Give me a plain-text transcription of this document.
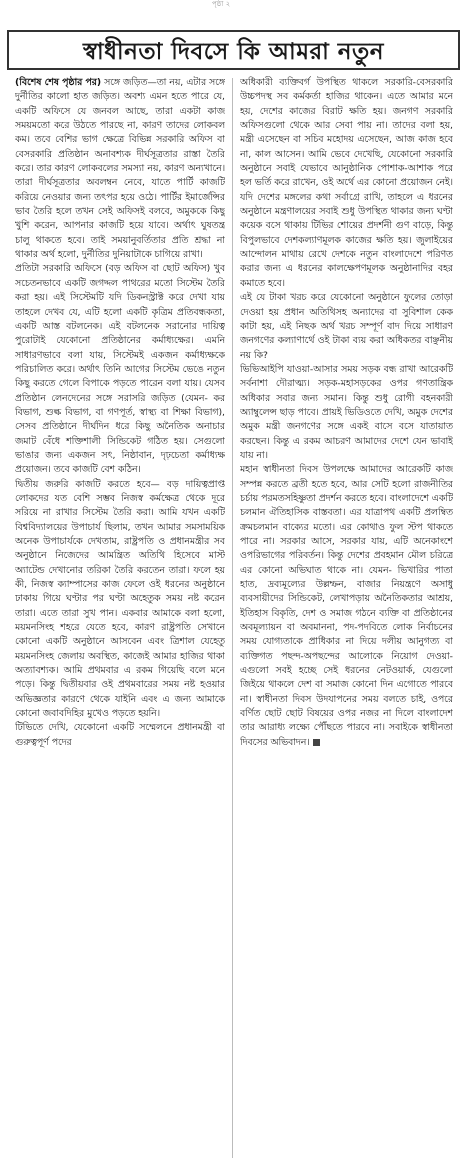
পৃষ্ঠা ২
স্বাধীনতা দিবসে কি আমরা নতুন

(বিশেষ শেষ পৃষ্ঠার পর) সঙ্গে জড়িত—তা নয়, এটার সঙ্গে দুর্নীতির কালো হাত জড়িত। অবশ্য এমন হতে পারে যে, একটি অফিসে যে জনবল আছে, তারা একটা কাজ সময়মতো করে উঠতে পারছে না, কারণ তাদের লোকবল কম। তবে বেশির ভাগ ক্ষেত্রে বিভিন্ন সরকারি অফিস বা বেসরকারি প্রতিষ্ঠান অনাবশ্যক দীর্ঘসূত্রতার রাস্তা তৈরি করে। তার কারণ লোকবলের সমস্যা নয়, কারণ অন্যখানে। তারা দীর্ঘসূত্রতার অবলম্বন নেবে, যাতে পার্টি কাজটি করিয়ে নেওয়ার জন্য তৎপর হয়ে ওঠে। পার্টির ইমার্জেন্সির ভাব তৈরি হলে তখন সেই অফিসই বলবে, অমুককে কিছু খুশি করেন, আপনার কাজটি হয়ে যাবে। অর্থাৎ ঘুষতন্ত্র চালু থাকতে হবে। তাই সময়ানুবর্তিতার প্রতি শ্রদ্ধা না থাকার অর্থ হলো, দুর্নীতির দুনিয়াটাকে চাগিয়ে রাখা।

প্রতিটা সরকারি অফিসে (বড় অফিস বা ছোট অফিস) খুব সচেতনভাবে একটি জগদ্দল পাথরের মতো সিস্টেম তৈরি করা হয়। এই সিস্টেমটি যদি ডিকনস্ট্রাক্ট করে দেখা যায় তাহলে দেখব যে, এটি হলো একটি কৃত্রিম প্রতিবন্ধকতা, একটি আস্ত বটলনেক। এই বটলনেক সরানোর দায়িত্ব পুরোটাই যেকোনো প্রতিষ্ঠানের কর্মাধ্যক্ষের। এমনি সাধারণভাবে বলা যায়, সিস্টেমই একজন কর্মাধ্যক্ষকে পরিচালিত করে। অর্থাৎ তিনি আগের সিস্টেম ভেঙে নতুন কিছু করতে গেলে বিপাকে পড়তে পারেন বলা যায়। যেসব প্রতিষ্ঠান লেনদেনের সঙ্গে সরাসরি জড়িত (যেমন- কর বিভাগ, শুল্ক বিভাগ, বা গণপূর্ত, স্বাস্থ্য বা শিক্ষা বিভাগ), সেসব প্রতিষ্ঠানে দীর্ঘদিন ধরে কিছু অনৈতিক অনাচার জমাট বেঁধে শক্তিশালী সিন্ডিকেট গঠিত হয়। সেগুলো ভাঙার জন্য একজন সৎ, নিষ্ঠাবান, দৃঢ়চেতা কর্মাধ্যক্ষ প্রয়োজন। তবে কাজটি বেশ কঠিন।

দ্বিতীয় জরুরি কাজটি করতে হবে— বড় দায়িত্বপ্রাপ্ত লোকদের যত বেশি সম্ভব নিজস্ব কর্মক্ষেত্র থেকে দূরে সরিয়ে না রাখার সিস্টেম তৈরি করা। আমি যখন একটি বিশ্ববিদ্যালয়ের উপাচার্য ছিলাম, তখন আমার সমসাময়িক অনেক উপাচার্যকে দেখতাম, রাষ্ট্রপতি ও প্রধানমন্ত্রীর সব অনুষ্ঠানে নিজেদের আমন্ত্রিত অতিথি হিসেবে মাস্ট অ্যাটেন্ড দেখানোর তরিকা তৈরি করতেন তারা। ফলে হয় কী, নিজস্ব ক্যাম্পাসের কাজ ফেলে ওই ধরনের অনুষ্ঠানে ঢাকায় গিয়ে ঘণ্টার পর ঘণ্টা অহেতুক সময় নষ্ট করেন তারা। এতে তারা সুখ পান। একবার আমাকে বলা হলো, ময়মনসিংহ শহরে যেতে হবে, কারণ রাষ্ট্রপতি সেখানে কোনো একটি অনুষ্ঠানে আসবেন এবং ত্রিশাল যেহেতু ময়মনসিংহ জেলায় অবস্থিত, কাজেই আমার হাজির থাকা অত্যাবশ্যক। আমি প্রথমবার এ রকম গিয়েছি বলে মনে পড়ে। কিন্তু দ্বিতীয়বার ওই প্রথমবারের সময় নষ্ট হওয়ার অভিজ্ঞতার কারণে থেকে যাইনি এবং এ জন্য আমাকে কোনো জবাবদিহির মুখেও পড়তে হয়নি।

টিভিতে দেখি, যেকোনো একটি সম্মেলনে প্রধানমন্ত্রী বা গুরুত্বপূর্ণ পদের

অধিকারী ব্যক্তিবর্গ উপস্থিত থাকলে সরকারি-বেসরকারি উচ্চপদস্থ সব কর্মকর্তা হাজির থাকেন। এতে আমার মনে হয়, দেশের কাজের বিরাট ক্ষতি হয়। জনগণ সরকারি অফিসগুলো থেকে আর সেবা পায় না। তাদের বলা হয়, মন্ত্রী এসেছেন বা সচিব মহোদয় এসেছেন, আজ কাজ হবে না, কাল আসেন। আমি ভেবে দেখেছি, যেকোনো সরকারি অনুষ্ঠানে সবাই যেভাবে আনুষ্ঠানিক পোশাক-আশাক পরে হল ভর্তি করে রাখেন, ওই অর্থে এর কোনো প্রয়োজন নেই। যদি দেশের মঙ্গলের কথা সর্বাগ্রে রাখি, তাহলে এ ধরনের অনুষ্ঠানে মন্ত্রণালয়ের সবাই শুধু উপস্থিত থাকার জন্য ঘণ্টা কয়েক বসে থাকায় টিভির শোয়ের প্রদর্শনী গুণ বাড়ে, কিন্তু বিপুলভাবে দেশকল্যাণমূলক কাজের ক্ষতি হয়। জুলাইয়ের আন্দোলন মাথায় রেখে দেশকে নতুন বাংলাদেশে পরিণত করার জন্য এ ধরনের কালক্ষেপণমূলক অনুষ্ঠানাদির বহর কমাতে হবে।

এই যে টাকা খরচ করে যেকোনো অনুষ্ঠানে ফুলের তোড়া দেওয়া হয় প্রধান অতিথিসহ অন্যাদের বা সুবিশাল কেক কাটা হয়, এই নিছক অর্থ খরচ সম্পূর্ণ বাদ দিয়ে সাধারণ জনগণের কল্যাণার্থে ওই টাকা ব্যয় করা অধিকতর বাঞ্ছনীয় নয় কি?

ভিভিআইপি যাওয়া-আসার সময় সড়ক বন্ধ রাখা আরেকটি সর্বনাশা দৌরাত্ম্য। সড়ক-মহাসড়কের ওপর গণতান্ত্রিক অধিকার সবার জন্য সমান। কিন্তু শুধু রোগী বহনকারী অ্যাম্বুলেন্স ছাড় পাবে। প্রায়ই ভিডিওতে দেখি, অমুক দেশের অমুক মন্ত্রী জনগণের সঙ্গে একই বাসে বসে যাতায়াত করছেন। কিন্তু এ রকম আচরণ আমাদের দেশে যেন ভাবাই যায় না।

মহান স্বাধীনতা দিবস উপলক্ষে আমাদের আরেকটি কাজ সম্পন্ন করতে ব্রতী হতে হবে, আর সেটি হলো রাজনীতির চর্চায় পরমতসহিষ্ণুতা প্রদর্শন করতে হবে। বাংলাদেশে একটি চলমান ঐতিহাসিক বাস্তবতা। এর যাত্রাপথ একটি প্রলম্বিত ক্রমচলমান বাক্যের মতো। এর কোথাও ফুল স্টপ থাকতে পারে না। সরকার আসে, সরকার যায়, এটি অনেকাংশে ওপরিভাগের পরিবর্তন। কিন্তু দেশের প্রবহমান মৌল চরিত্রে এর কোনো অভিঘাত থাকে না। যেমন- ভিখারির পাতা হাত, দ্রব্যমূল্যের উল্লম্ফন, বাজার নিয়ন্ত্রণে অসাধু ব্যবসায়ীদের সিন্ডিকেট, লেখাপড়ায় অনৈতিকতার আশ্রয়, ইতিহাস বিকৃতি, দেশ ও সমাজ গঠনে ব্যক্তি বা প্রতিষ্ঠানের অবমূল্যায়ন বা অবমাননা, পদ-পদবিতে লোক নির্বাচনের সময় যোগ্যতাকে প্রাধিকার না দিয়ে দলীয় আনুগত্য বা ব্যক্তিগত পছন্দ-অপছন্দের আলোকে নিয়োগ দেওয়া- এগুলো সবই হচ্ছে সেই ধরনের নেটওয়ার্ক, যেগুলো জিইয়ে থাকলে দেশ বা সমাজ কোনো দিন এগোতে পারবে না। স্বাধীনতা দিবস উদযাপনের সময় বলতে চাই, ওপরে বর্ণিত ছোট ছোট বিষয়ের ওপর নজর না দিলে বাংলাদেশ তার আরাধ্য লক্ষ্যে পৌঁছতে পারবে না। সবাইকে স্বাধীনতা দিবসের অভিবাদন।
